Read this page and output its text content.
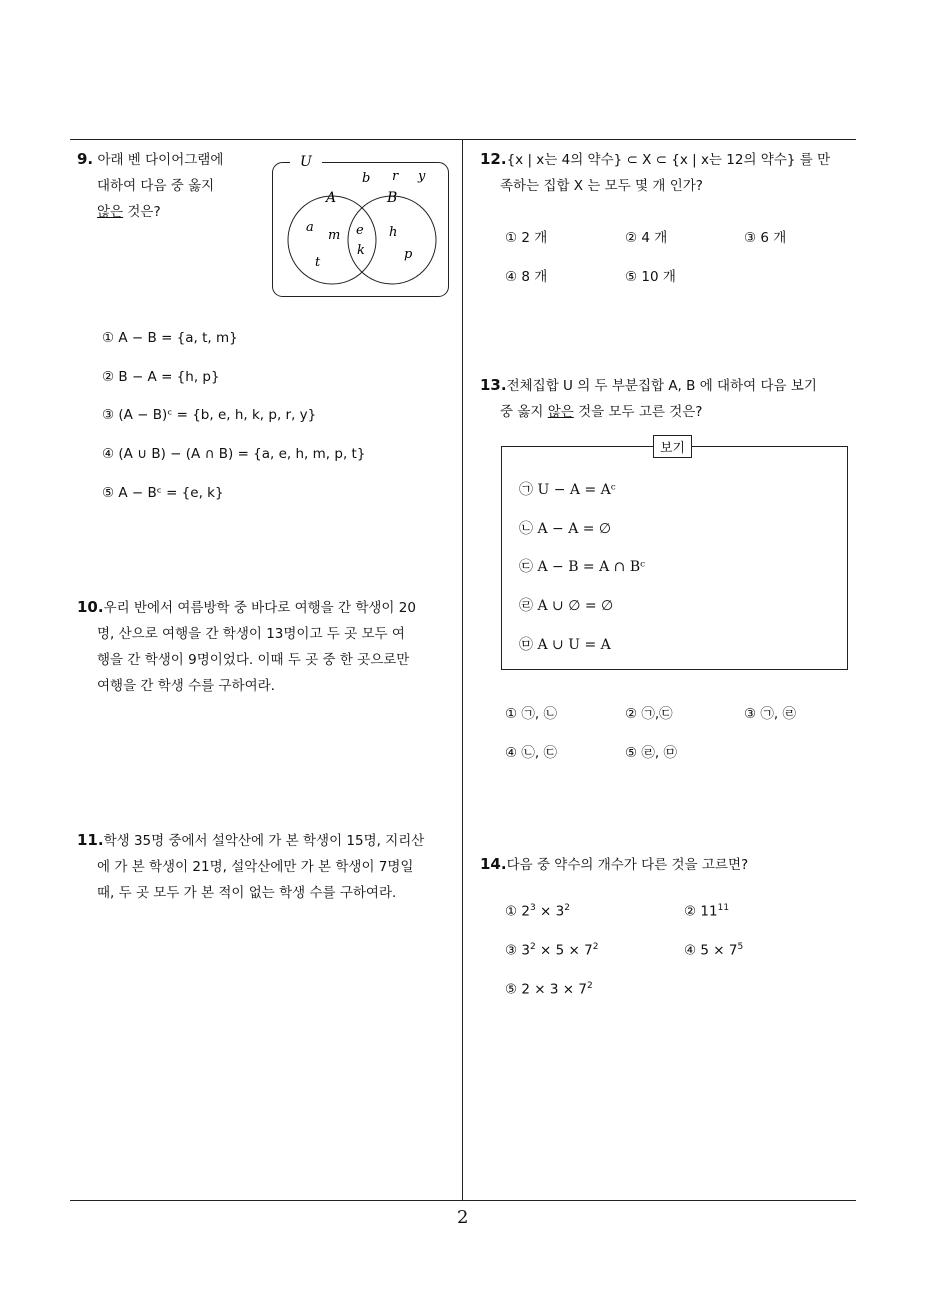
9. 아래 벤 다이어그램에
대하여 다음 중 옳지
않은 것은?
U
A	B
b r y
a
m
t
e
k
h
p
① A − B = {a, t, m}
② B − A = {h, p}
③ (A − B)ᶜ = {b, e, h, k, p, r, y}
④ (A ∪ B) − (A ∩ B) = {a, e, h, m, p, t}
⑤ A − Bᶜ = {e, k}
10.우리 반에서 여름방학 중 바다로 여행을 간 학생이 20
명, 산으로 여행을 간 학생이 13명이고 두 곳 모두 여
행을 간 학생이 9명이었다. 이때 두 곳 중 한 곳으로만
여행을 간 학생 수를 구하여라.
11.학생 35명 중에서 설악산에 가 본 학생이 15명, 지리산
에 가 본 학생이 21명, 설악산에만 가 본 학생이 7명일
때, 두 곳 모두 가 본 적이 없는 학생 수를 구하여라.
12.{x | x는 4의 약수} ⊂ X ⊂ {x | x는 12의 약수} 를 만
족하는 집합 X 는 모두 몇 개 인가?
① 2 개	② 4 개	③ 6 개
④ 8 개	⑤ 10 개
13.전체집합 U 의 두 부분집합 A, B 에 대하여 다음 보기
중 옳지 않은 것을 모두 고른 것은?
보기
㉠ U − A = Aᶜ
㉡ A − A = ∅
㉢ A − B = A ∩ Bᶜ
㉣ A ∪ ∅ = ∅
㉤ A ∪ U = A
① ㉠, ㉡	② ㉠,㉢	③ ㉠, ㉣
④ ㉡, ㉢	⑤ ㉣, ㉤
14.다음 중 약수의 개수가 다른 것을 고르면?
① $2^3 \times 3^2$	② $11^{11}$
③ $3^2 \times 5 \times 7^2$	④ $5 \times 7^5$
⑤ $2 \times 3 \times 7^2$
2
